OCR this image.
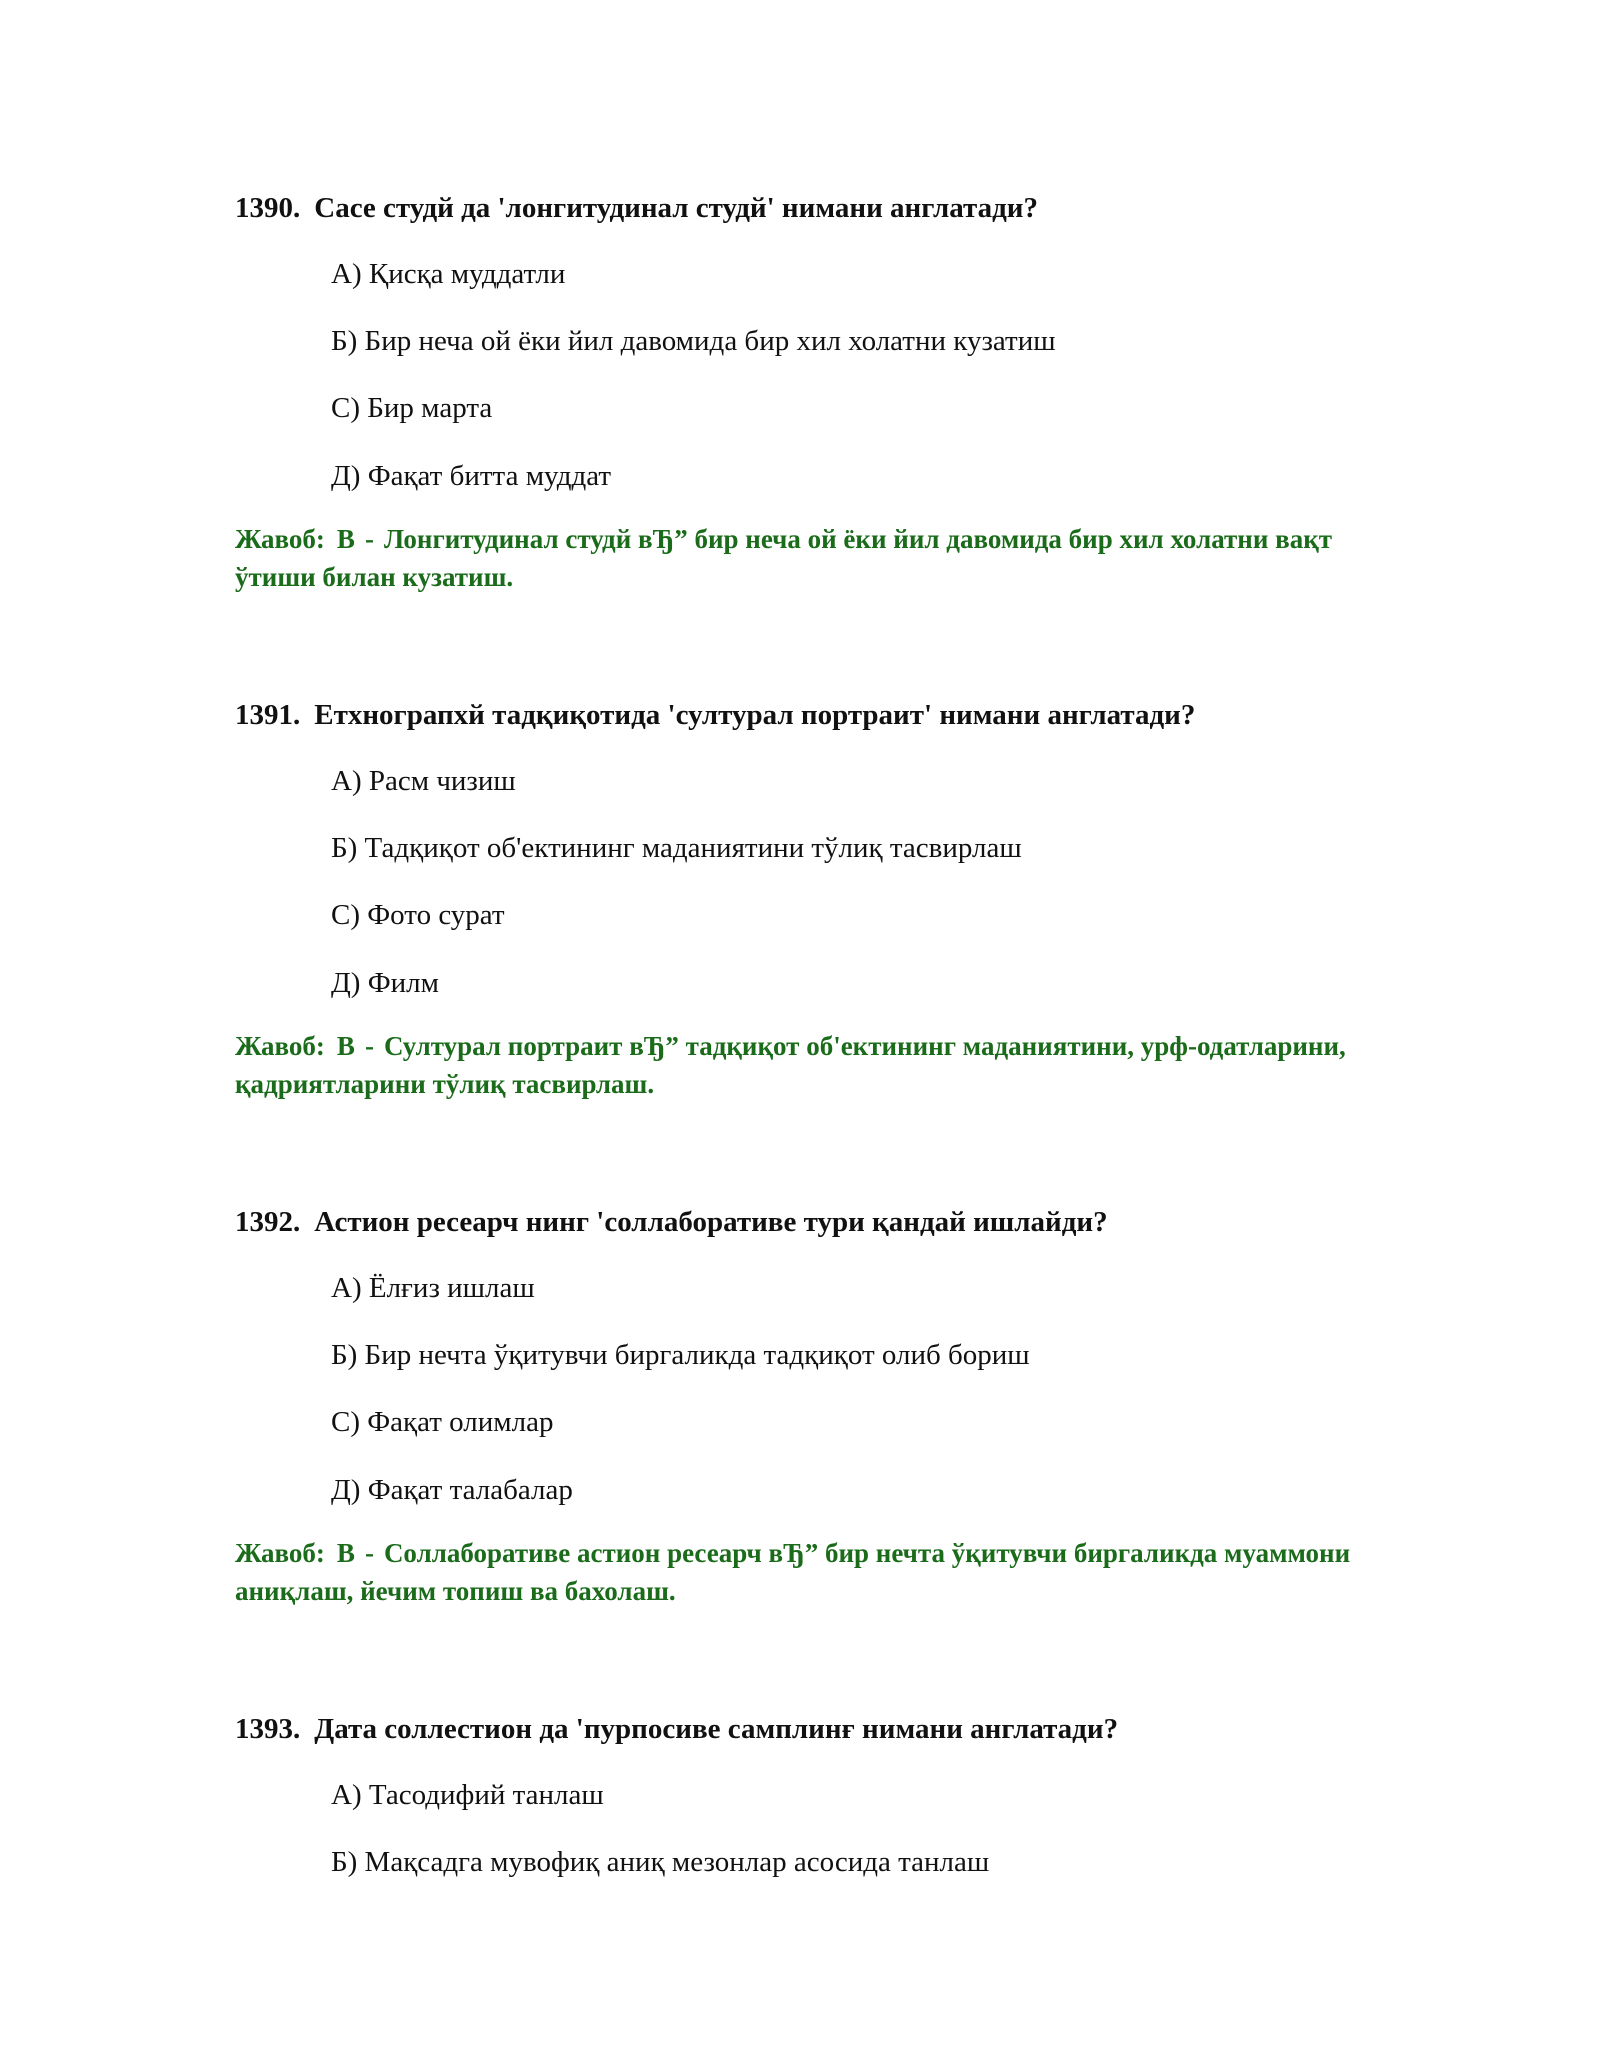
1390. Сасе студй да 'лонгитудинал студй' нимани англатади?

А) Қисқа муддатли
Б) Бир неча ой ёки йил давомида бир хил холатни кузатиш
С) Бир марта
Д) Фақат битта муддат
Жавоб: B - Лонгитудинал студй вЂ” бир неча ой ёки йил давомида бир хил холатни вақт ўтиши билан кузатиш.

1391. Етхнограпхй тадқиқотида 'султурал портраит' нимани англатади?

А) Расм чизиш
Б) Тадқиқот об'ектининг маданиятини тўлиқ тасвирлаш
С) Фото сурат
Д) Филм
Жавоб: B - Султурал портраит вЂ” тадқиқот об'ектининг маданиятини, урф-одатларини, қадриятларини тўлиқ тасвирлаш.

1392. Астион ресеарч нинг 'соллаборативе тури қандай ишлайди?

А) Ёлғиз ишлаш
Б) Бир нечта ўқитувчи биргаликда тадқиқот олиб бориш
С) Фақат олимлар
Д) Фақат талабалар
Жавоб: B - Соллаборативе астион ресеарч вЂ” бир нечта ўқитувчи биргаликда муаммони аниқлаш, йечим топиш ва бахолаш.

1393. Дата соллестион да 'пурпосиве самплинғ нимани англатади?

А) Тасодифий танлаш
Б) Мақсадга мувофиқ аниқ мезонлар асосида танлаш
